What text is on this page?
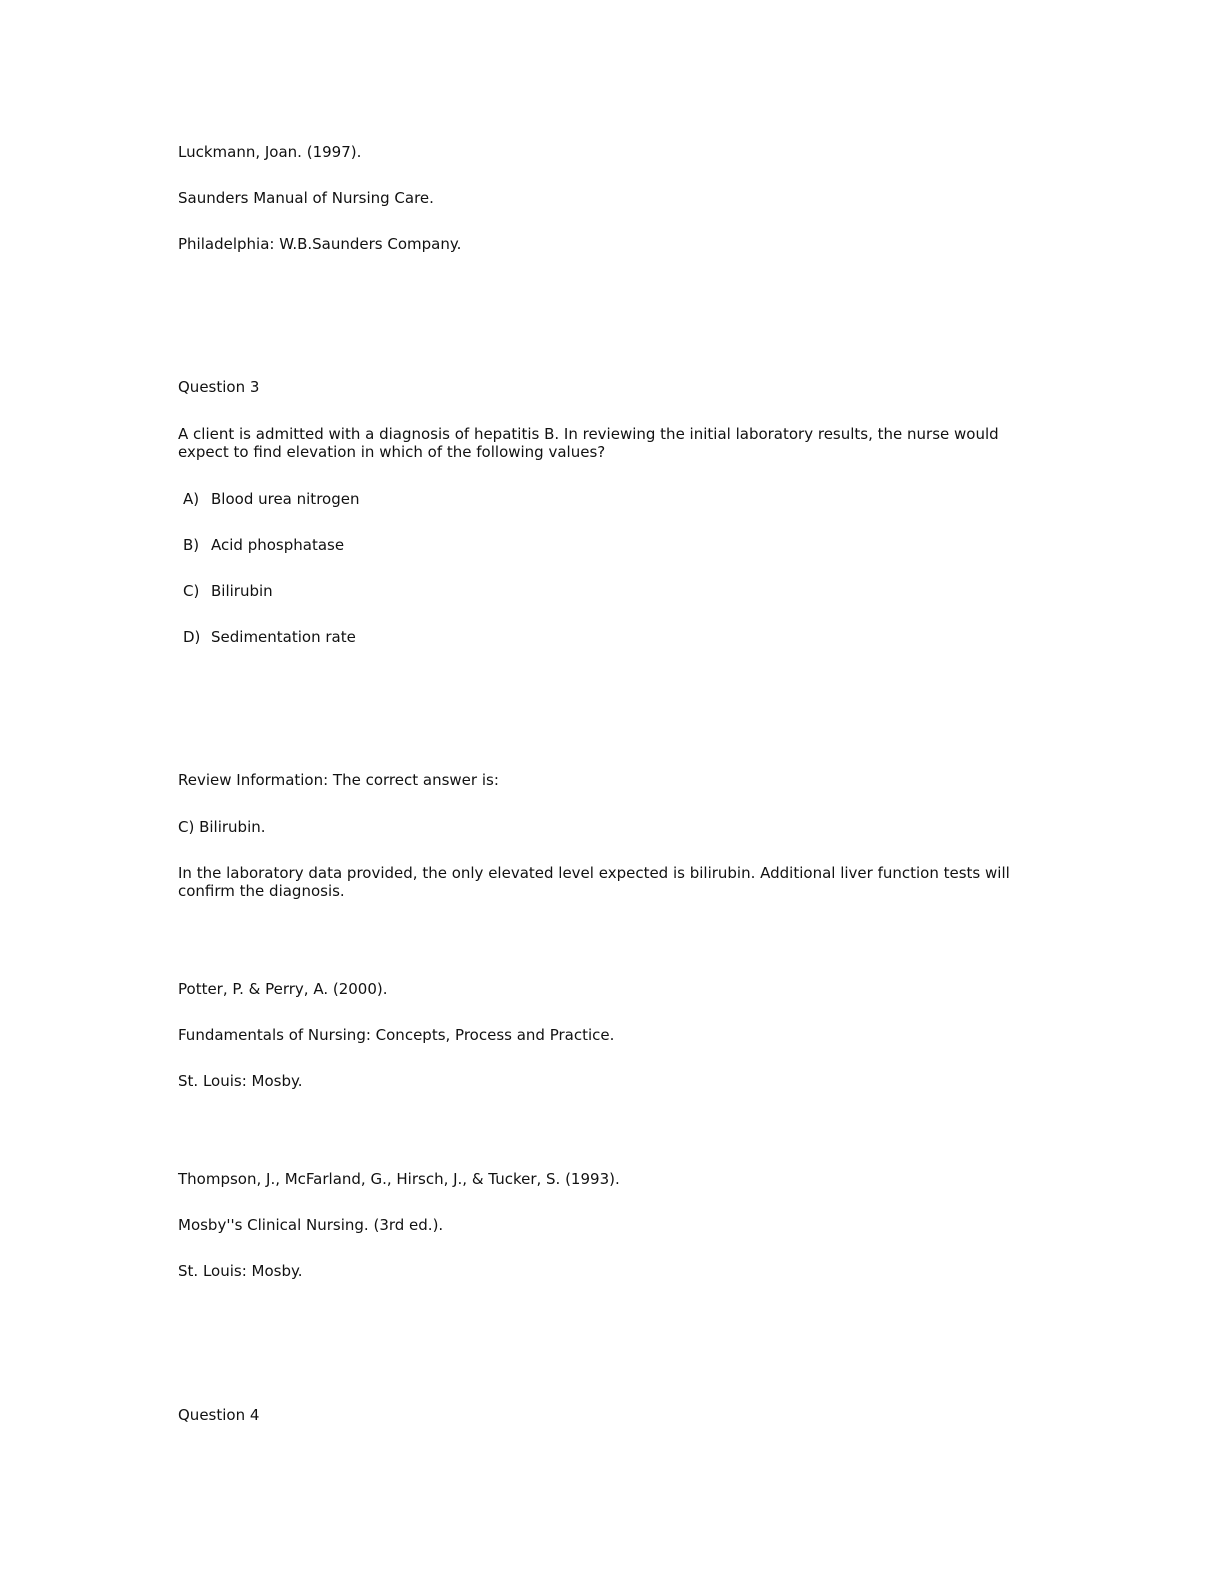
Luckmann, Joan. (1997).

Saunders Manual of Nursing Care.

Philadelphia: W.B.Saunders Company.

Question 3

A client is admitted with a diagnosis of hepatitis B. In reviewing the initial laboratory results, the nurse would expect to find elevation in which of the following values?

A) Blood urea nitrogen
B) Acid phosphatase
C) Bilirubin
D) Sedimentation rate

Review Information: The correct answer is:

C) Bilirubin.

In the laboratory data provided, the only elevated level expected is bilirubin. Additional liver function tests will confirm the diagnosis.

Potter, P. & Perry, A. (2000).

Fundamentals of Nursing: Concepts, Process and Practice.

St. Louis: Mosby.

Thompson, J., McFarland, G., Hirsch, J., & Tucker, S. (1993).

Mosby''s Clinical Nursing. (3rd ed.).

St. Louis: Mosby.

Question 4
